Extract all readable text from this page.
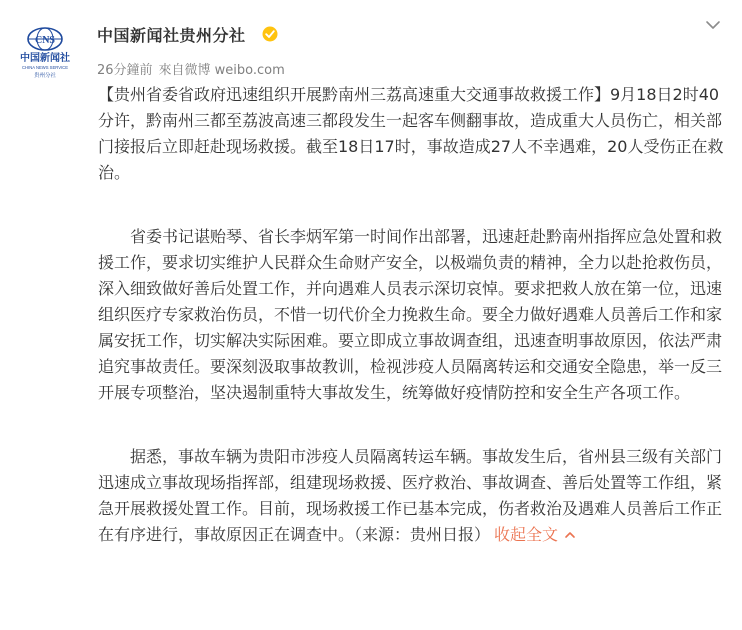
CNS
中国新闻社
CHINA NEWS SERVICE
贵州分社
中国新闻社贵州分社
26分鐘前 來自微博 weibo.com

【贵州省委省政府迅速组织开展黔南州三荔高速重大交通事故救援工作】9月18日2时40分许，黔南州三都至荔波高速三都段发生一起客车侧翻事故，造成重大人员伤亡，相关部门接报后立即赶赴现场救援。截至18日17时，事故造成27人不幸遇难，20人受伤正在救治。

省委书记谌贻琴、省长李炳军第一时间作出部署，迅速赶赴黔南州指挥应急处置和救援工作，要求切实维护人民群众生命财产安全，以极端负责的精神，全力以赴抢救伤员，深入细致做好善后处置工作，并向遇难人员表示深切哀悼。要求把救人放在第一位，迅速组织医疗专家救治伤员，不惜一切代价全力挽救生命。要全力做好遇难人员善后工作和家属安抚工作，切实解决实际困难。要立即成立事故调查组，迅速查明事故原因，依法严肃追究事故责任。要深刻汲取事故教训，检视涉疫人员隔离转运和交通安全隐患，举一反三开展专项整治，坚决遏制重特大事故发生，统筹做好疫情防控和安全生产各项工作。

据悉，事故车辆为贵阳市涉疫人员隔离转运车辆。事故发生后，省州县三级有关部门迅速成立事故现场指挥部，组建现场救援、医疗救治、事故调查、善后处置等工作组，紧急开展救援处置工作。目前，现场救援工作已基本完成，伤者救治及遇难人员善后工作正在有序进行，事故原因正在调查中。（来源：贵州日报） 收起全文
